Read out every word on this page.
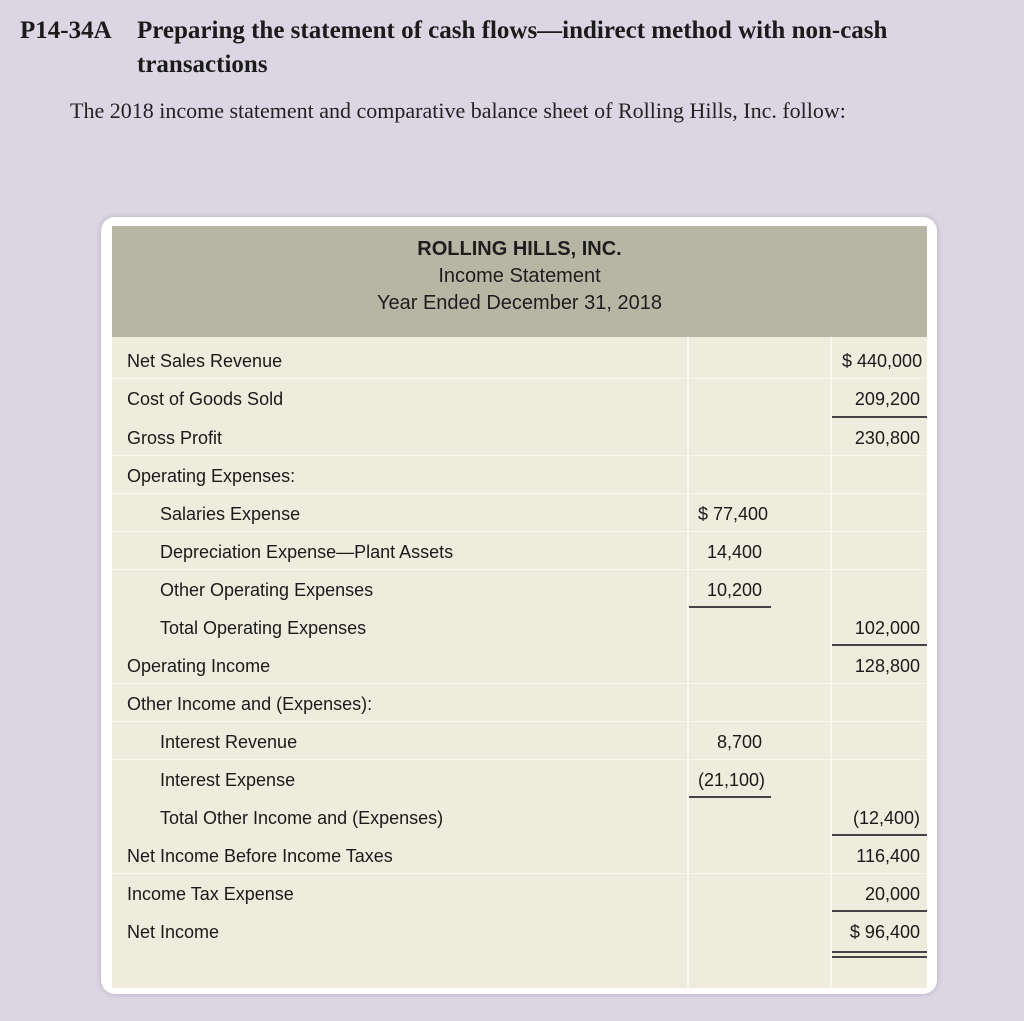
P14-34A Preparing the statement of cash flows—indirect method with non-cash transactions
The 2018 income statement and comparative balance sheet of Rolling Hills, Inc. follow:
ROLLING HILLS, INC.
Income Statement
Year Ended December 31, 2018
Net Sales Revenue	$ 440,000
Cost of Goods Sold	209,200
Gross Profit	230,800
Operating Expenses:
Salaries Expense	$ 77,400
Depreciation Expense—Plant Assets	14,400
Other Operating Expenses	10,200
Total Operating Expenses	102,000
Operating Income	128,800
Other Income and (Expenses):
Interest Revenue	8,700
Interest Expense	(21,100)
Total Other Income and (Expenses)	(12,400)
Net Income Before Income Taxes	116,400
Income Tax Expense	20,000
Net Income	$ 96,400
